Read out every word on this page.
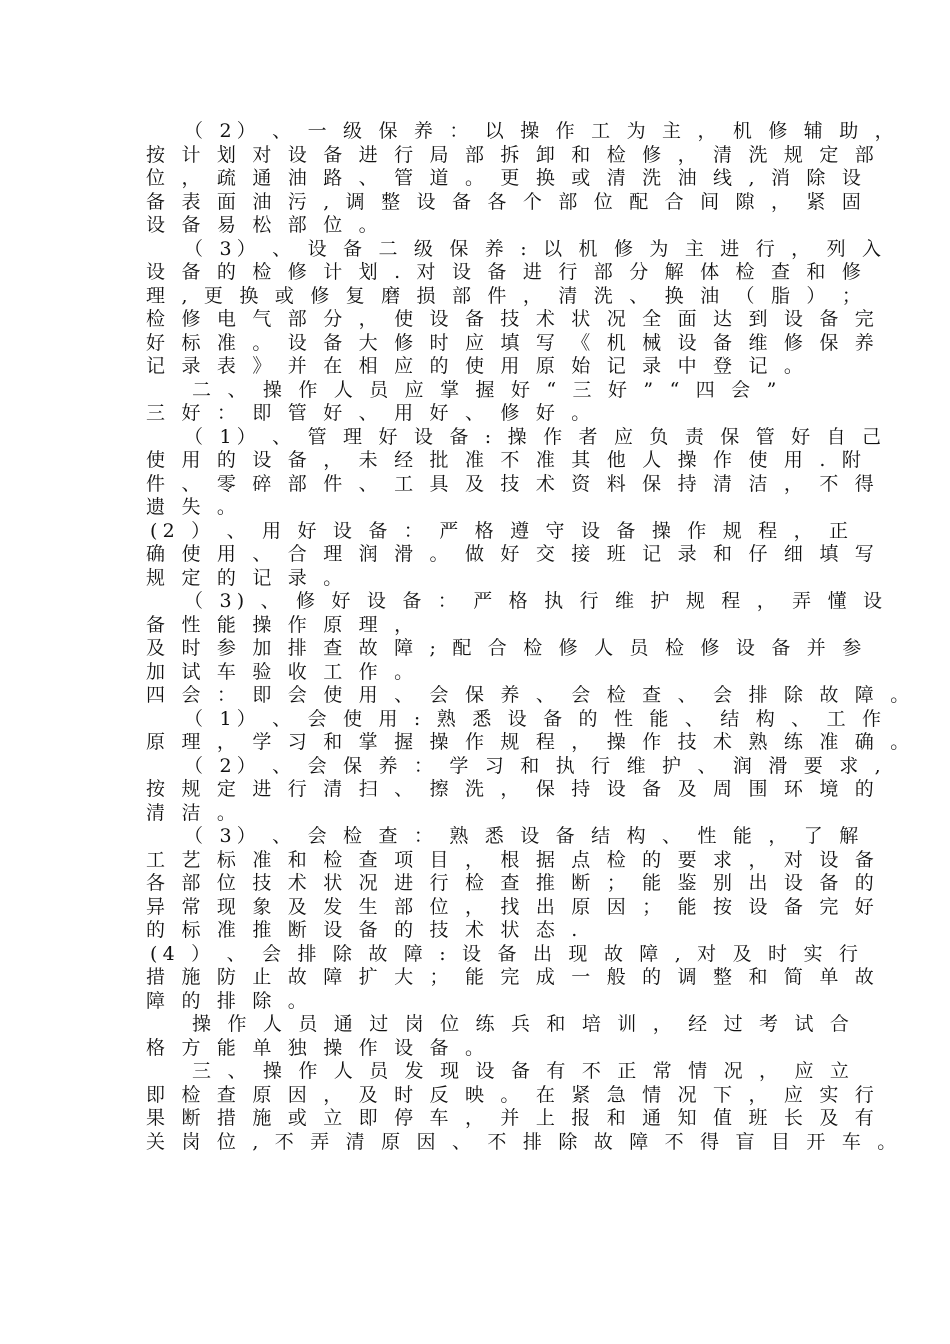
（ 2） 、 一 级 保 养 ： 以 操 作 工 为 主 ， 机 修 辅 助 ，
按 计 划 对 设 备 进 行 局 部 拆 卸 和 检 修 ， 清 洗 规 定 部
位 ， 疏 通 油 路 、 管 道 。 更 换 或 清 洗 油 线 , 消 除 设
备 表 面 油 污 , 调 整 设 备 各 个 部 位 配 合 间 隙 ， 紧 固
设 备 易 松 部 位 。
（ 3） 、 设 备 二 级 保 养 : 以 机 修 为 主 进 行 ， 列 入
设 备 的 检 修 计 划 . 对 设 备 进 行 部 分 解 体 检 查 和 修
理 , 更 换 或 修 复 磨 损 部 件 ， 清 洗 、 换 油 （ 脂 ） ；
检 修 电 气 部 分 ， 使 设 备 技 术 状 况 全 面 达 到 设 备 完
好 标 准 。 设 备 大 修 时 应 填 写 《 机 械 设 备 维 修 保 养
记 录 表 》 并 在 相 应 的 使 用 原 始 记 录 中 登 记 。
二 、 操 作 人 员 应 掌 握 好 “ 三 好 ” “ 四 会 ”
三 好 ： 即 管 好 、 用 好 、 修 好 。
（ 1） 、 管 理 好 设 备 : 操 作 者 应 负 责 保 管 好 自 己
使 用 的 设 备 ， 未 经 批 准 不 准 其 他 人 操 作 使 用 . 附
件 、 零 碎 部 件 、 工 具 及 技 术 资 料 保 持 清 洁 ， 不 得
遗 失 。
(2 ） 、 用 好 设 备 ： 严 格 遵 守 设 备 操 作 规 程 ， 正
确 使 用 、 合 理 润 滑 。 做 好 交 接 班 记 录 和 仔 细 填 写
规 定 的 记 录 。
（ 3) 、 修 好 设 备 ： 严 格 执 行 维 护 规 程 ， 弄 懂 设
备 性 能 操 作 原 理 ，
及 时 参 加 排 查 故 障 ; 配 合 检 修 人 员 检 修 设 备 并 参
加 试 车 验 收 工 作 。
四 会 ： 即 会 使 用 、 会 保 养 、 会 检 查 、 会 排 除 故 障 。
（ 1） 、 会 使 用 : 熟 悉 设 备 的 性 能 、 结 构 、 工 作
原 理 ， 学 习 和 掌 握 操 作 规 程 ， 操 作 技 术 熟 练 准 确 。
（ 2） 、 会 保 养 ： 学 习 和 执 行 维 护 、 润 滑 要 求 ,
按 规 定 进 行 清 扫 、 擦 洗 ， 保 持 设 备 及 周 围 环 境 的
清 洁 。
（ 3） 、 会 检 查 ： 熟 悉 设 备 结 构 、 性 能 ， 了 解
工 艺 标 准 和 检 查 项 目 ， 根 据 点 检 的 要 求 ， 对 设 备
各 部 位 技 术 状 况 进 行 检 查 推 断 ； 能 鉴 别 出 设 备 的
异 常 现 象 及 发 生 部 位 ， 找 出 原 因 ； 能 按 设 备 完 好
的 标 准 推 断 设 备 的 技 术 状 态 .
(4 ） 、 会 排 除 故 障 : 设 备 出 现 故 障 , 对 及 时 实 行
措 施 防 止 故 障 扩 大 ； 能 完 成 一 般 的 调 整 和 简 单 故
障 的 排 除 。
操 作 人 员 通 过 岗 位 练 兵 和 培 训 ， 经 过 考 试 合
格 方 能 单 独 操 作 设 备 。
三 、 操 作 人 员 发 现 设 备 有 不 正 常 情 况 ， 应 立
即 检 查 原 因 ， 及 时 反 映 。 在 紧 急 情 况 下 ， 应 实 行
果 断 措 施 或 立 即 停 车 ， 并 上 报 和 通 知 值 班 长 及 有
关 岗 位 , 不 弄 清 原 因 、 不 排 除 故 障 不 得 盲 目 开 车 。
